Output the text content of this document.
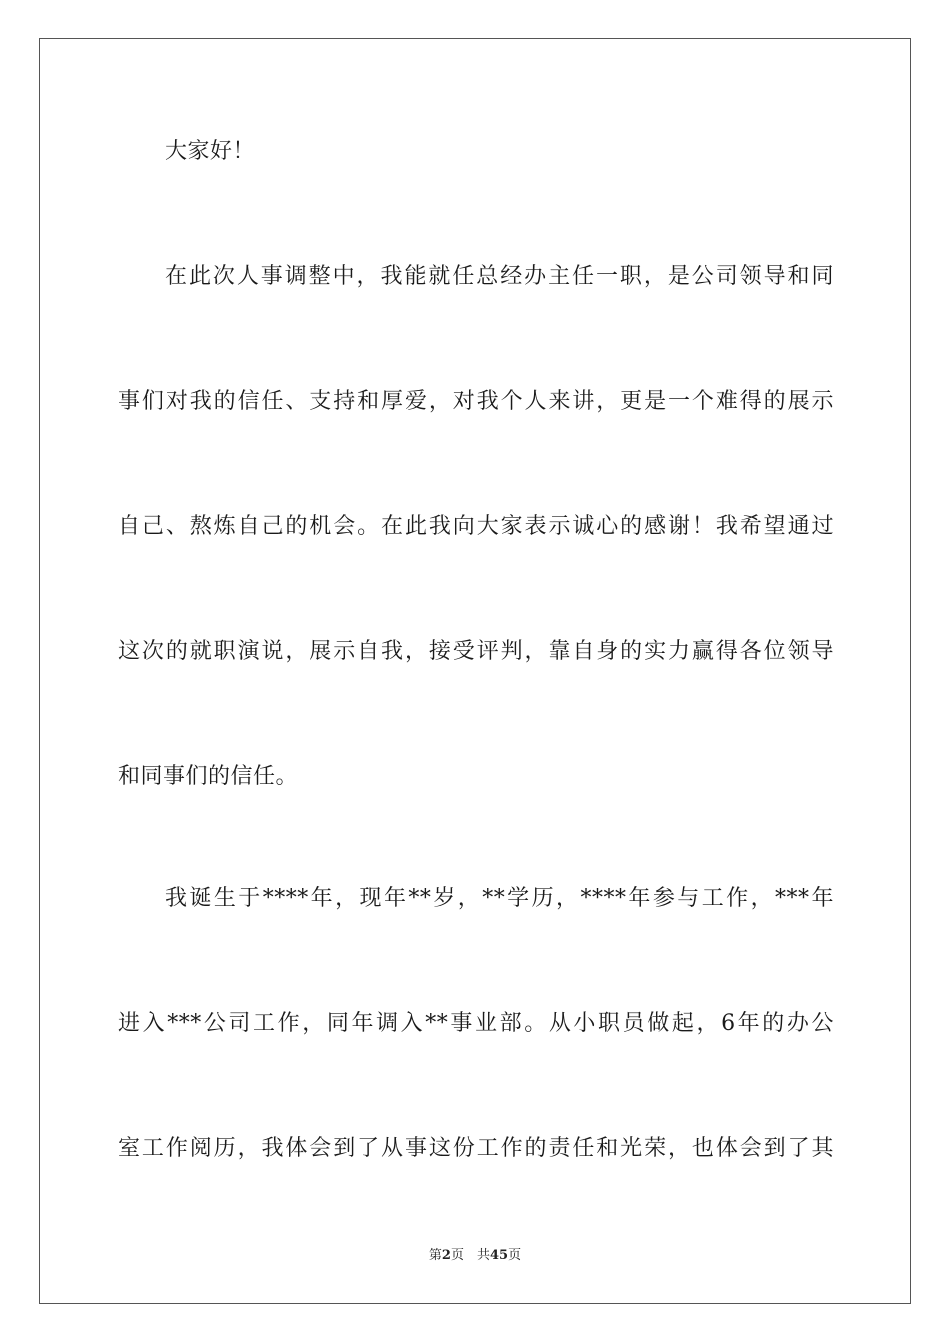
大家好！
在此次人事调整中，我能就任总经办主任一职，是公司领导和同
事们对我的信任、支持和厚爱，对我个人来讲，更是一个难得的展示
自己、熬炼自己的机会。在此我向大家表示诚心的感谢！我希望通过
这次的就职演说，展示自我，接受评判，靠自身的实力赢得各位领导
和同事们的信任。
我诞生于****年，现年**岁，**学历，****年参与工作，***年
进入***公司工作，同年调入**事业部。从小职员做起，6年的办公
室工作阅历，我体会到了从事这份工作的责任和光荣，也体会到了其
第2页　共45页
